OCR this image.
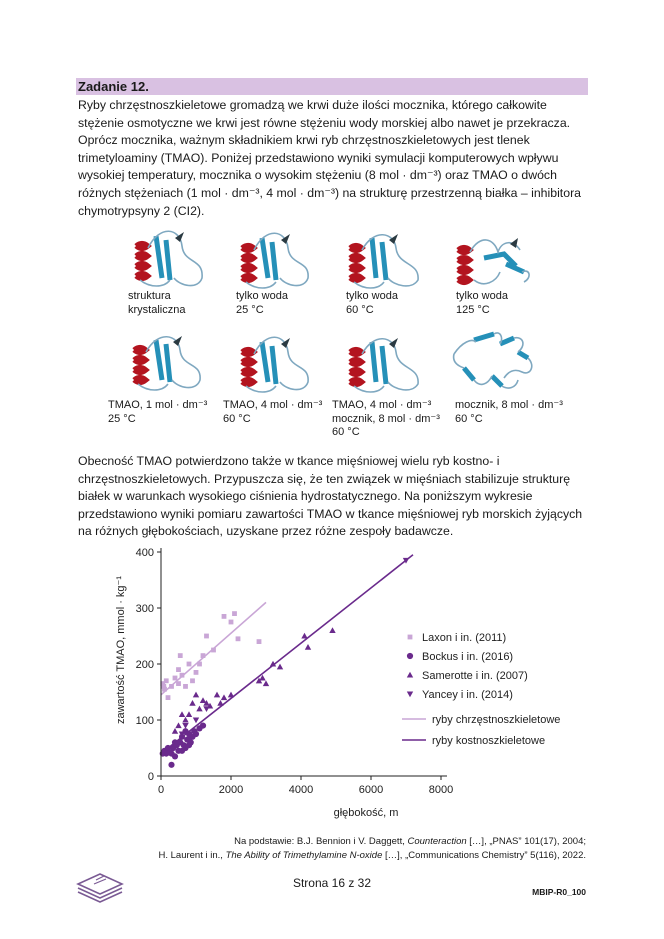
Zadanie 12.

Ryby chrzęstnoszkieletowe gromadzą we krwi duże ilości mocznika, którego całkowite stężenie osmotyczne we krwi jest równe stężeniu wody morskiej albo nawet je przekracza. Oprócz mocznika, ważnym składnikiem krwi ryb chrzęstnoszkieletowych jest tlenek trimetyloaminy (TMAO). Poniżej przedstawiono wyniki symulacji komputerowych wpływu wysokiej temperatury, mocznika o wysokim stężeniu (8 mol · dm⁻³) oraz TMAO o dwóch różnych stężeniach (1 mol · dm⁻³, 4 mol · dm⁻³) na strukturę przestrzenną białka – inhibitora chymotrypsyny 2 (CI2).

struktura
krystaliczna
tylko woda
25 °C
tylko woda
60 °C
tylko woda
125 °C
TMAO, 1 mol · dm⁻³
25 °C
TMAO, 4 mol · dm⁻³
60 °C
TMAO, 4 mol · dm⁻³
mocznik, 8 mol · dm⁻³
60 °C
mocznik, 8 mol · dm⁻³
60 °C

Obecność TMAO potwierdzono także w tkance mięśniowej wielu ryb kostno- i chrzęstnoszkieletowych. Przypuszcza się, że ten związek w mięśniach stabilizuje strukturę białek w warunkach wysokiego ciśnienia hydrostatycznego. Na poniższym wykresie przedstawiono wyniki pomiaru zawartości TMAO w tkance mięśniowej ryb morskich żyjących na różnych głębokościach, uzyskane przez różne zespoły badawcze.

0
100
200
300
400
0	2000	4000	6000	8000
głębokość, m
zawartość TMAO, mmol · kg⁻¹	Laxon i in. (2011)
Bockus i in. (2016)
Samerotte i in. (2007)
Yancey i in. (2014)
ryby chrzęstnoszkieletowe
ryby kostnoszkieletowe

Na podstawie: B.J. Bennion i V. Daggett, Counteraction […], „PNAS” 101(17), 2004;

H. Laurent i in., The Ability of Trimethylamine N-oxide […], „Communications Chemistry” 5(116), 2022.

Strona 16 z 32
MBIP-R0_100
